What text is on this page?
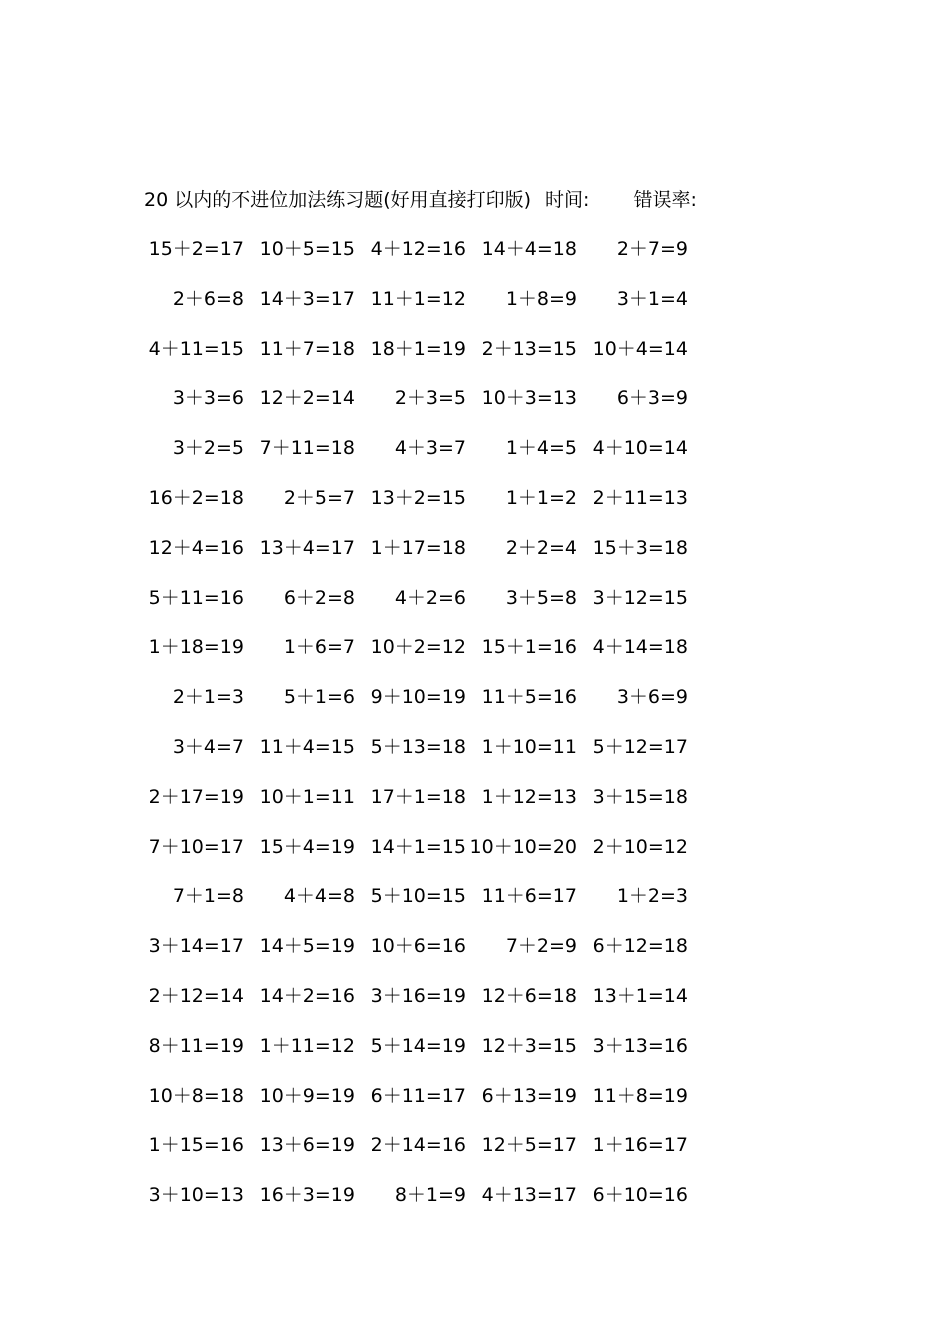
20 以内的不进位加法练习题(好用直接打印版) 时间: 错误率:
15＋2=17 10＋5=15 4＋12=16 14＋4=18 2＋7=9
2＋6=8 14＋3=17 11＋1=12 1＋8=9 3＋1=4
4＋11=15 11＋7=18 18＋1=19 2＋13=15 10＋4=14
3＋3=6 12＋2=14 2＋3=5 10＋3=13 6＋3=9
3＋2=5 7＋11=18 4＋3=7 1＋4=5 4＋10=14
16＋2=18 2＋5=7 13＋2=15 1＋1=2 2＋11=13
12＋4=16 13＋4=17 1＋17=18 2＋2=4 15＋3=18
5＋11=16 6＋2=8 4＋2=6 3＋5=8 3＋12=15
1＋18=19 1＋6=7 10＋2=12 15＋1=16 4＋14=18
2＋1=3 5＋1=6 9＋10=19 11＋5=16 3＋6=9
3＋4=7 11＋4=15 5＋13=18 1＋10=11 5＋12=17
2＋17=19 10＋1=11 17＋1=18 1＋12=13 3＋15=18
7＋10=17 15＋4=19 14＋1=15 10＋10=20 2＋10=12
7＋1=8 4＋4=8 5＋10=15 11＋6=17 1＋2=3
3＋14=17 14＋5=19 10＋6=16 7＋2=9 6＋12=18
2＋12=14 14＋2=16 3＋16=19 12＋6=18 13＋1=14
8＋11=19 1＋11=12 5＋14=19 12＋3=15 3＋13=16
10＋8=18 10＋9=19 6＋11=17 6＋13=19 11＋8=19
1＋15=16 13＋6=19 2＋14=16 12＋5=17 1＋16=17
3＋10=13 16＋3=19 8＋1=9 4＋13=17 6＋10=16
